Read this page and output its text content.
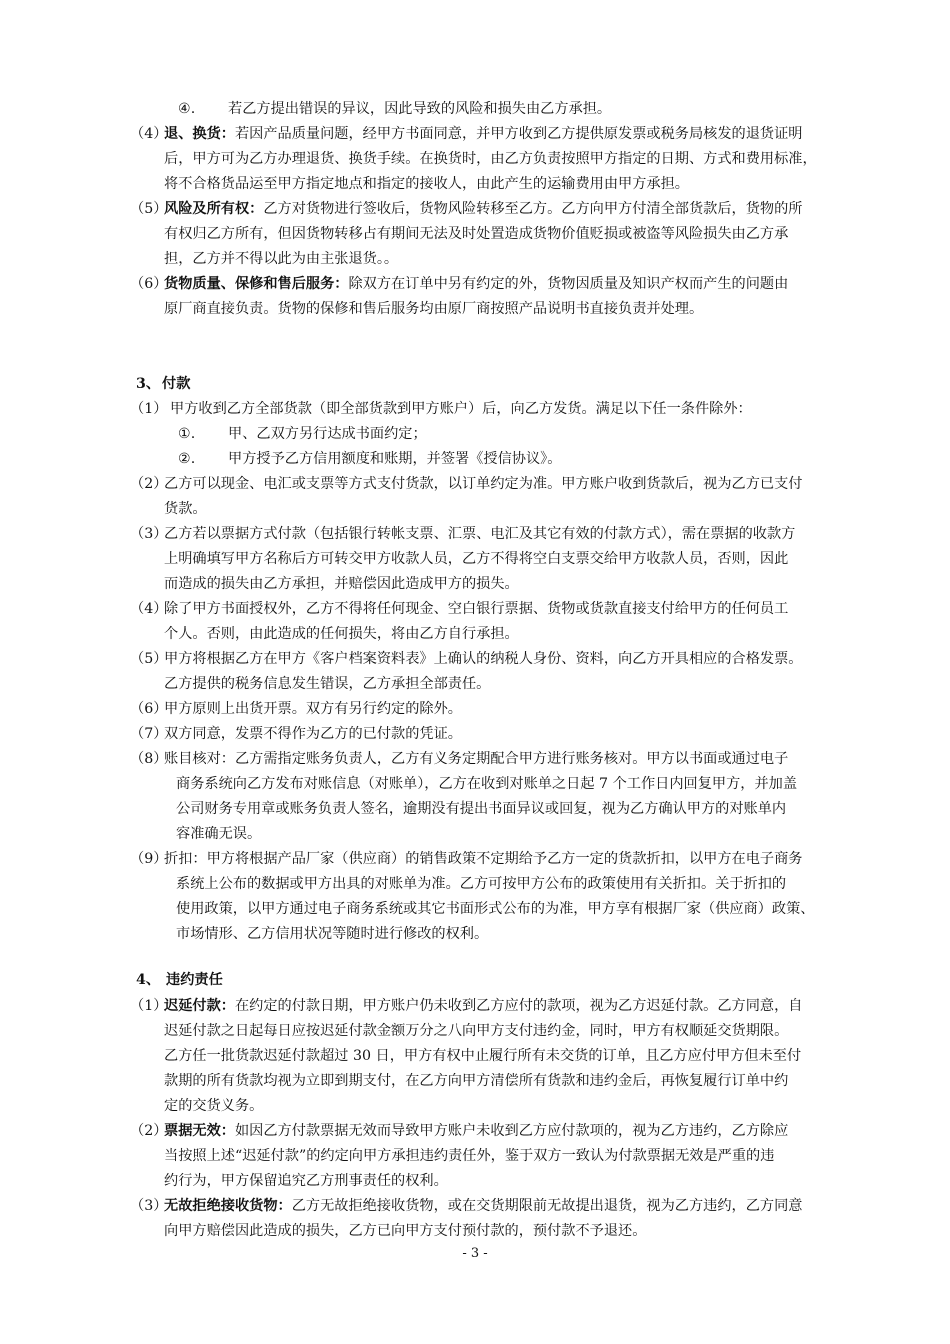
④. 若乙方提出错误的异议，因此导致的风险和损失由乙方承担。
（4）退、换货：若因产品质量问题，经甲方书面同意，并甲方收到乙方提供原发票或税务局核发的退货证明
后，甲方可为乙方办理退货、换货手续。在换货时，由乙方负责按照甲方指定的日期、方式和费用标准，
将不合格货品运至甲方指定地点和指定的接收人，由此产生的运输费用由甲方承担。
（5）风险及所有权：乙方对货物进行签收后，货物风险转移至乙方。乙方向甲方付清全部货款后，货物的所
有权归乙方所有，但因货物转移占有期间无法及时处置造成货物价值贬损或被盗等风险损失由乙方承
担，乙方并不得以此为由主张退货。。
（6）货物质量、保修和售后服务：除双方在订单中另有约定的外，货物因质量及知识产权而产生的问题由
原厂商直接负责。货物的保修和售后服务均由原厂商按照产品说明书直接负责并处理。
3、 付款
（1） 甲方收到乙方全部货款（即全部货款到甲方账户）后，向乙方发货。满足以下任一条件除外：
①. 甲、乙双方另行达成书面约定；
②. 甲方授予乙方信用额度和账期，并签署《授信协议》。
（2）乙方可以现金、电汇或支票等方式支付货款，以订单约定为准。甲方账户收到货款后，视为乙方已支付
货款。
（3）乙方若以票据方式付款（包括银行转帐支票、汇票、电汇及其它有效的付款方式），需在票据的收款方
上明确填写甲方名称后方可转交甲方收款人员，乙方不得将空白支票交给甲方收款人员，否则，因此
而造成的损失由乙方承担，并赔偿因此造成甲方的损失。
（4）除了甲方书面授权外，乙方不得将任何现金、空白银行票据、货物或货款直接支付给甲方的任何员工
个人。否则，由此造成的任何损失，将由乙方自行承担。
（5）甲方将根据乙方在甲方《客户档案资料表》上确认的纳税人身份、资料，向乙方开具相应的合格发票。
乙方提供的税务信息发生错误，乙方承担全部责任。
（6）甲方原则上出货开票。双方有另行约定的除外。
（7）双方同意，发票不得作为乙方的已付款的凭证。
（8）账目核对：乙方需指定账务负责人，乙方有义务定期配合甲方进行账务核对。甲方以书面或通过电子
商务系统向乙方发布对账信息（对账单），乙方在收到对账单之日起 7 个工作日内回复甲方，并加盖
公司财务专用章或账务负责人签名，逾期没有提出书面异议或回复，视为乙方确认甲方的对账单内
容准确无误。
（9）折扣：甲方将根据产品厂家（供应商）的销售政策不定期给予乙方一定的货款折扣，以甲方在电子商务
系统上公布的数据或甲方出具的对账单为准。乙方可按甲方公布的政策使用有关折扣。关于折扣的
使用政策，以甲方通过电子商务系统或其它书面形式公布的为准，甲方享有根据厂家（供应商）政策、
市场情形、乙方信用状况等随时进行修改的权利。
4、 违约责任
（1）迟延付款：在约定的付款日期，甲方账户仍未收到乙方应付的款项，视为乙方迟延付款。乙方同意，自
迟延付款之日起每日应按迟延付款金额万分之八向甲方支付违约金，同时，甲方有权顺延交货期限。
乙方任一批货款迟延付款超过 30 日，甲方有权中止履行所有未交货的订单，且乙方应付甲方但未至付
款期的所有货款均视为立即到期支付，在乙方向甲方清偿所有货款和违约金后，再恢复履行订单中约
定的交货义务。
（2）票据无效：如因乙方付款票据无效而导致甲方账户未收到乙方应付款项的，视为乙方违约，乙方除应
当按照上述“迟延付款”的约定向甲方承担违约责任外，鉴于双方一致认为付款票据无效是严重的违
约行为，甲方保留追究乙方刑事责任的权利。
（3）无故拒绝接收货物：乙方无故拒绝接收货物，或在交货期限前无故提出退货，视为乙方违约，乙方同意
向甲方赔偿因此造成的损失，乙方已向甲方支付预付款的，预付款不予退还。
- 3 -
